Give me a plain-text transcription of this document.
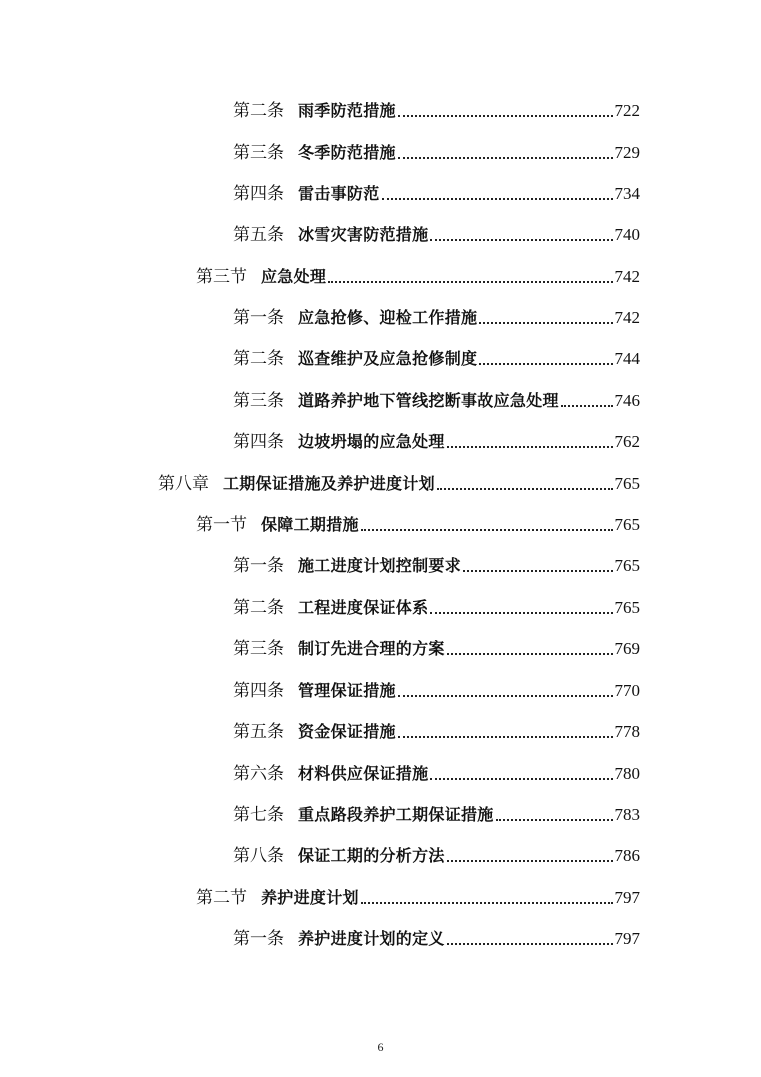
第二条 雨季防范措施	722
第三条 冬季防范措施	729
第四条 雷击事防范	734
第五条 冰雪灾害防范措施	740
第三节 应急处理	742
第一条 应急抢修、迎检工作措施	742
第二条 巡查维护及应急抢修制度	744
第三条 道路养护地下管线挖断事故应急处理	746
第四条 边坡坍塌的应急处理	762
第八章 工期保证措施及养护进度计划	765
第一节 保障工期措施	765
第一条 施工进度计划控制要求	765
第二条 工程进度保证体系	765
第三条 制订先进合理的方案	769
第四条 管理保证措施	770
第五条 资金保证措施	778
第六条 材料供应保证措施	780
第七条 重点路段养护工期保证措施	783
第八条 保证工期的分析方法	786
第二节 养护进度计划	797
第一条 养护进度计划的定义	797
6
